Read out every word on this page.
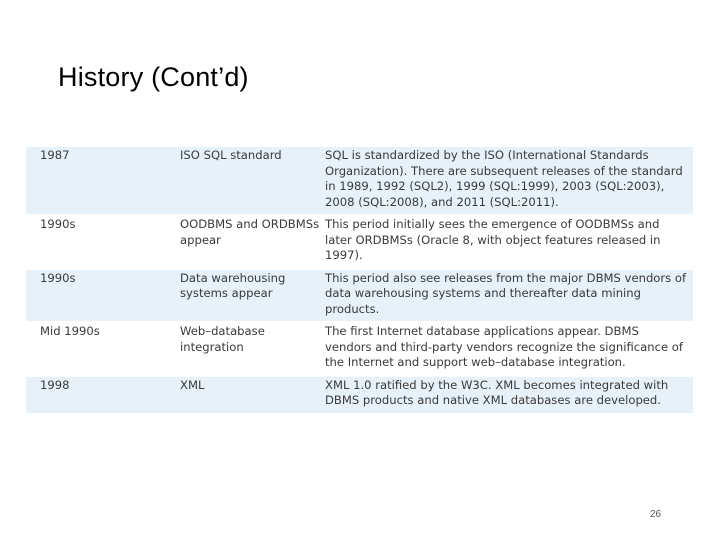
History (Cont’d)
1987	ISO SQL standard	SQL is standardized by the ISO (International Standards Organization). There are subsequent releases of the standard in 1989, 1992 (SQL2), 1999 (SQL:1999), 2003 (SQL:2003), 2008 (SQL:2008), and 2011 (SQL:2011).
1990s	OODBMS and ORDBMSs appear	This period initially sees the emergence of OODBMSs and later ORDBMSs (Oracle 8, with object features released in 1997).
1990s	Data warehousing systems appear	This period also see releases from the major DBMS vendors of data warehousing systems and thereafter data mining products.
Mid 1990s	Web–database integration	The first Internet database applications appear. DBMS vendors and third-party vendors recognize the significance of the Internet and support web–database integration.
1998	XML	XML 1.0 ratified by the W3C. XML becomes integrated with DBMS products and native XML databases are developed.
26
